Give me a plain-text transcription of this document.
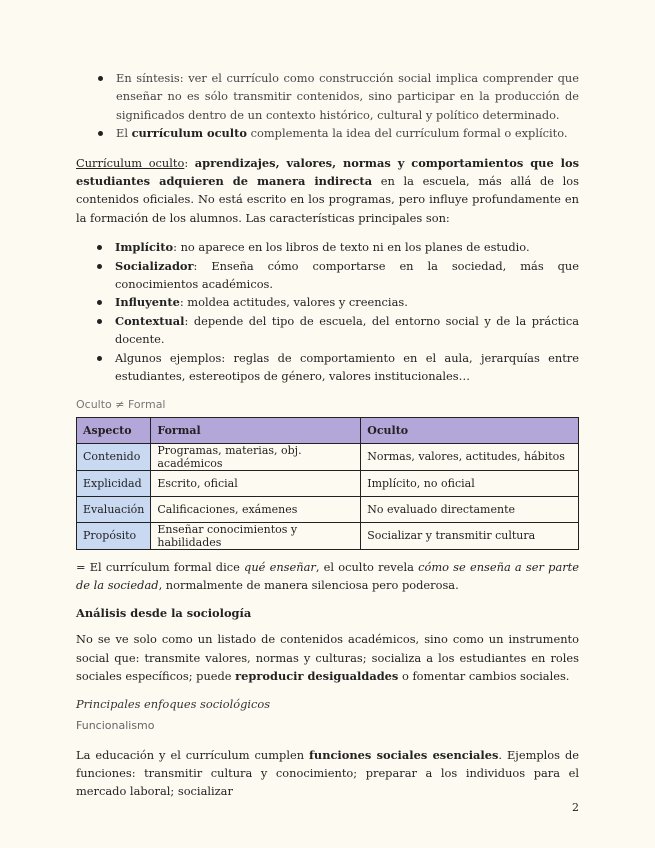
En síntesis: ver el currículo como construcción social implica comprender que enseñar no es sólo transmitir contenidos, sino participar en la producción de significados dentro de un contexto histórico, cultural y político determinado.
El currículum oculto complementa la idea del currículum formal o explícito.

Currículum oculto: aprendizajes, valores, normas y comportamientos que los estudiantes adquieren de manera indirecta en la escuela, más allá de los contenidos oficiales. No está escrito en los programas, pero influye profundamente en la formación de los alumnos. Las características principales son:

Implícito: no aparece en los libros de texto ni en los planes de estudio.
Socializador: Enseña cómo comportarse en la sociedad, más que conocimientos académicos.
Influyente: moldea actitudes, valores y creencias.
Contextual: depende del tipo de escuela, del entorno social y de la práctica docente.
Algunos ejemplos: reglas de comportamiento en el aula, jerarquías entre estudiantes, estereotipos de género, valores institucionales…
Oculto ≠ Formal
Aspecto	Formal	Oculto
Contenido	Programas, materias, obj. académicos	Normas, valores, actitudes, hábitos
Explicidad	Escrito, oficial	Implícito, no oficial
Evaluación	Calificaciones, exámenes	No evaluado directamente
Propósito	Enseñar conocimientos y habilidades	Socializar y transmitir cultura

= El currículum formal dice qué enseñar, el oculto revela cómo se enseña a ser parte de la sociedad, normalmente de manera silenciosa pero poderosa.

Análisis desde la sociología

No se ve solo como un listado de contenidos académicos, sino como un instrumento social que: transmite valores, normas y culturas; socializa a los estudiantes en roles sociales específicos; puede reproducir desigualdades o fomentar cambios sociales.

Principales enfoques sociológicos
Funcionalismo

La educación y el currículum cumplen funciones sociales esenciales. Ejemplos de funciones: transmitir cultura y conocimiento; preparar a los individuos para el mercado laboral; socializar

2
